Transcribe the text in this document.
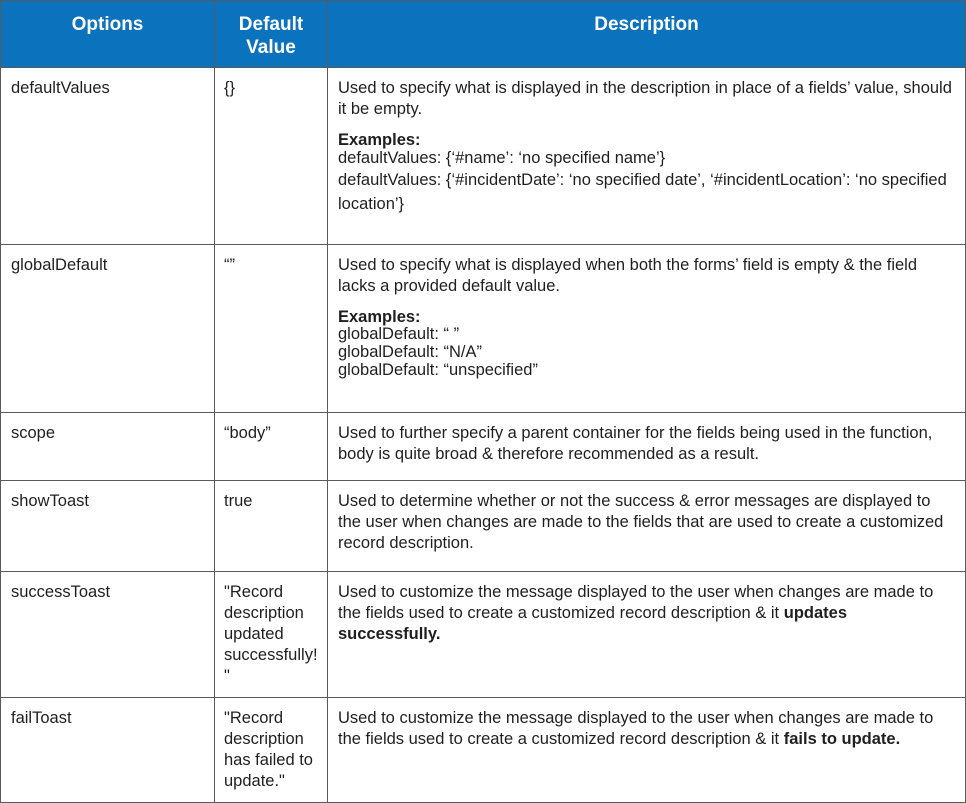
Options	Default Value	Description
defaultValues	{}	Used to specify what is displayed in the description in place of a fields’ value, should it be empty.

Examples:

defaultValues: {‘#name’: ‘no specified name’}

defaultValues: {‘#incidentDate’: ‘no specified date’, ‘#incidentLocation’: ‘no specified location’}

globalDefault	“”	Used to specify what is displayed when both the forms’ field is empty & the field lacks a provided default value.

Examples:

globalDefault: “ ”

globalDefault: “N/A”

globalDefault: “unspecified”

scope	“body”	Used to further specify a parent container for the fields being used in the function, body is quite broad & therefore recommended as a result.

showToast	true	Used to determine whether or not the success & error messages are displayed to the user when changes are made to the fields that are used to create a customized record description.

successToast	"Record description updated successfully!"	Used to customize the message displayed to the user when changes are made to the fields used to create a customized record description & it updates successfully.

failToast	"Record description has failed to update."	Used to customize the message displayed to the user when changes are made to the fields used to create a customized record description & it fails to update.
